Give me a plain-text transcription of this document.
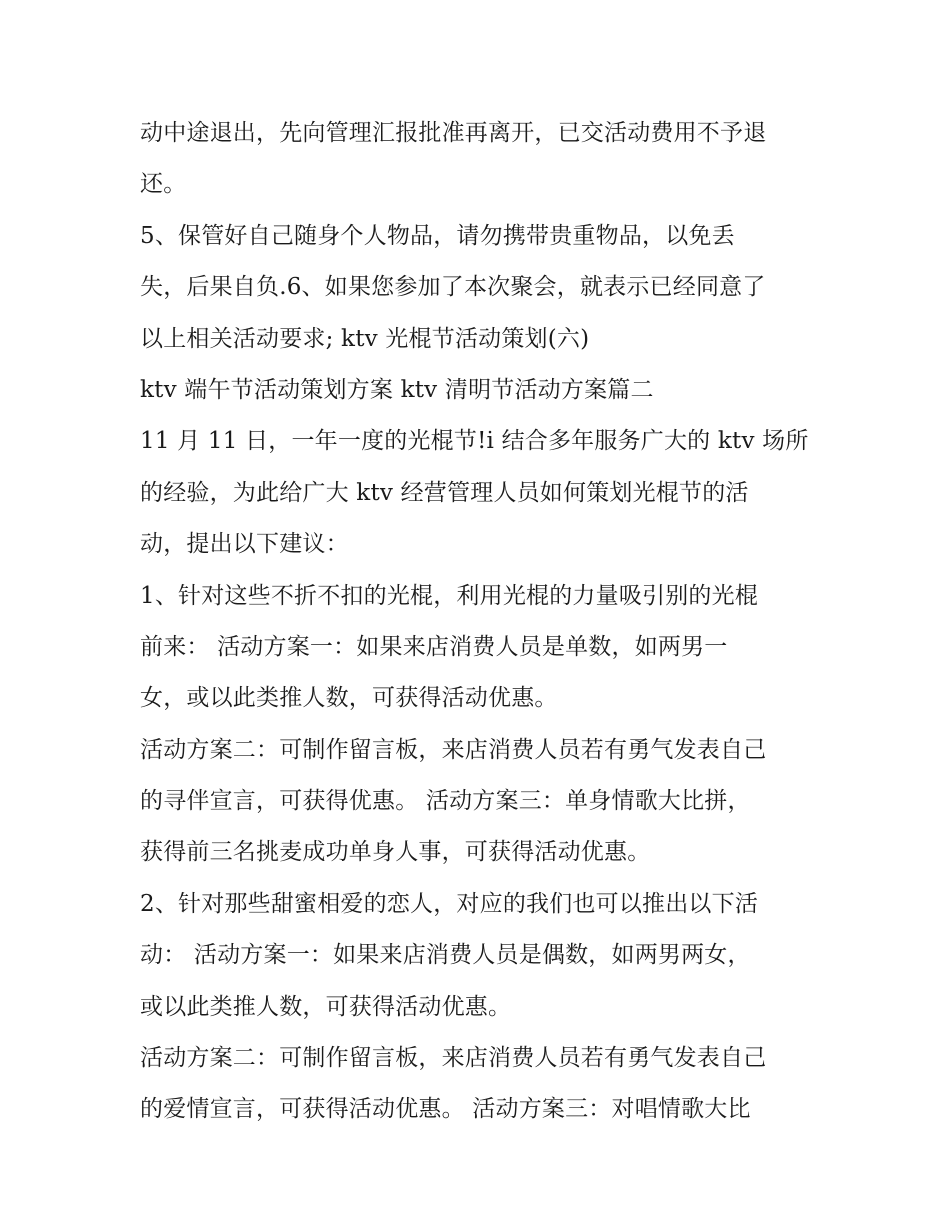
动中途退出，先向管理汇报批准再离开，已交活动费用不予退
还。
5、保管好自己随身个人物品，请勿携带贵重物品，以免丢
失，后果自负.6、如果您参加了本次聚会，就表示已经同意了
以上相关活动要求; ktv 光棍节活动策划(六)
ktv 端午节活动策划方案 ktv 清明节活动方案篇二
11 月 11 日，一年一度的光棍节!i 结合多年服务广大的 ktv 场所
的经验，为此给广大 ktv 经营管理人员如何策划光棍节的活
动，提出以下建议：
1、针对这些不折不扣的光棍，利用光棍的力量吸引别的光棍
前来： 活动方案一：如果来店消费人员是单数，如两男一
女，或以此类推人数，可获得活动优惠。
活动方案二：可制作留言板，来店消费人员若有勇气发表自己
的寻伴宣言，可获得优惠。 活动方案三：单身情歌大比拼，
获得前三名挑麦成功单身人事，可获得活动优惠。
2、针对那些甜蜜相爱的恋人，对应的我们也可以推出以下活
动： 活动方案一：如果来店消费人员是偶数，如两男两女，
或以此类推人数，可获得活动优惠。
活动方案二：可制作留言板，来店消费人员若有勇气发表自己
的爱情宣言，可获得活动优惠。 活动方案三：对唱情歌大比
